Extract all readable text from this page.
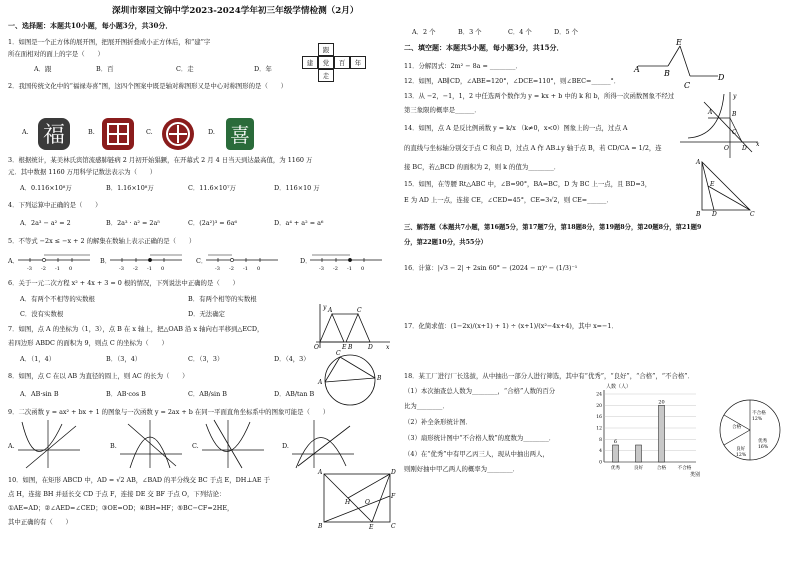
深圳市翠园文锦中学2023-2024学年初三年级学情检测（2月）
一、选择题：本题共10小题，每小题3分，共30分．
1．如图是一个正方体的展开图，把展开图折叠成小正方体后，和“建”字
所在面相对的面上的字是（　　）
A．跟	B．百	C．走	D．年
跟
建	党	百	年
走
2．我国传统文化中的“福禄寿喜”图，这四个图案中既是轴对称图形又是中心对称图形的是（　　）
A.	B.	C.	D.
福	喜
3．根据统计，某美林氏宾馆流感肺链病 2 月初开始猖獗，在开幕式 2 月 4 日当天到达最高值，为 1160 万
元．其中数据 1160 万用科学记数法表示为（　　）
A．0.116×10⁸万	B．1.16×10⁸万	C．11.6×10⁷万	D．116×10 万
4．下列运算中正确的是（　　）
A．2a³ − a² = 2	B．2a³ · a² = 2a⁵	C．(2a²)³ = 6a⁶	D．a⁴ + a² = a⁶
5．不等式 −2x ≤ −x + 2 的解集在数轴上表示正确的是（　　）
A．	B．	C．	D．
-3 -2 -1 0	-3 -2 -1 0	-3 -2 -1 0	-3 -2 -1 0
6．关于一元二次方程 x² + 4x + 3 = 0 根的情况，下列说法中正确的是（　　）
A．有两个不相等的实数根	B．有两个相等的实数根
C．没有实数根	D．无法确定
7．如图，点 A 的坐标为（1，3），点 B 在 x 轴上，把△OAB 沿 x 轴向右平移到△ECD，
若四边形 ABDC 的面积为 9，则点 C 的坐标为（　　）
A．（1，4）	B．（3，4）	C．（3，3）	D．（4，3）
y A	C
O	E B	D x
8．如图，点 C 在以 AB 为直径的圆上，则 AC 的长为（　　）
A．AB·sin B	B．AB·cos B	C．AB/sin B	D．AB/tan B
C
A
B
9．二次函数 y = ax² + bx + 1 的图象与一次函数 y = 2ax + b 在同一平面直角坐标系中的图象可能是（　　）
A.	B.	C.	D.
10．如图，在矩形 ABCD 中，AD = √2 AB，∠BAD 的平分线交 BC 于点 E，DH⊥AE 于
点 H，连接 BH 并延长交 CD 于点 F，连接 DE 交 BF 于点 O，下列结论：
①AE=AD；②∠AED=∠CED；③OE=OD；④BH=HF；⑤BC−CF=2HE，
其中正确的有（　　）
A	D
H O
B	E	C
F
A．2 个	B．3 个	C．4 个	D．5 个
二、填空题：本题共5小题，每小题3分，共15分．
11．分解因式：2m² − 8a = ________．
12．如图，AB∥CD，∠ABE=120°，∠DCE=110°，则∠BEC=______°．
A
E
B	D
C
13．从 −2，−1，1，2 中任选两个数作为 y = kx + b 中的 k 和 b，所得一次函数图象不经过
第三象限的概率是______．
14．如图，点 A 是反比例函数 y = k/x （k≠0，x<0）图象上的一点，过点 A
的直线与坐标轴分别交于点 C 和点 D，过点 A 作 AB⊥y 轴于点 B，若 CD/CA = 1/2，连
接 BC，若△BCD 的面积为 2，则 k 的值为________．
y
A	B
C
O D
x
15．如图，在等腰 Rt△ABC 中，∠B=90°，BA=BC，D 为 BC 上一点，且 BD=3，
E 为 AD 上一点，连接 CE，∠CED=45°，CE=3√2，则 CE=______．
A
E
B D	C
三、解答题（本题共7小题，第16题5分，第17题7分，第18题8分，第19题8分，第20题8分，第21题9
分，第22题10分，共55分）
16．计算：|√3 − 2| + 2sin 60° − (2024 − π)⁰ − (1/3)⁻¹
17．化简求值：(1−2x)/(x+1) + 1) ÷ (x+1)/(x²−4x+4)，其中 x=−1．
18．某工厂进行厂长选拔，从中抽出一部分人进行筛选，其中有“优秀”，“良好”，“合格”，“不合格”．
（1）本次抽查总人数为________，“合格”人数的百分
比为________．
（2）补全条形统计图．
（3）扇形统计图中“不合格人数”的度数为________．
（4）在“优秀”中有甲乙丙三人，现从中抽出两人，
则刚好抽中甲乙两人的概率为________．
人数（人）
类别
0
4
8
12
16
20
24
6
优秀	良好
20
合格	不合格
合格
不合格
12%
优秀
16%
良好
12%
